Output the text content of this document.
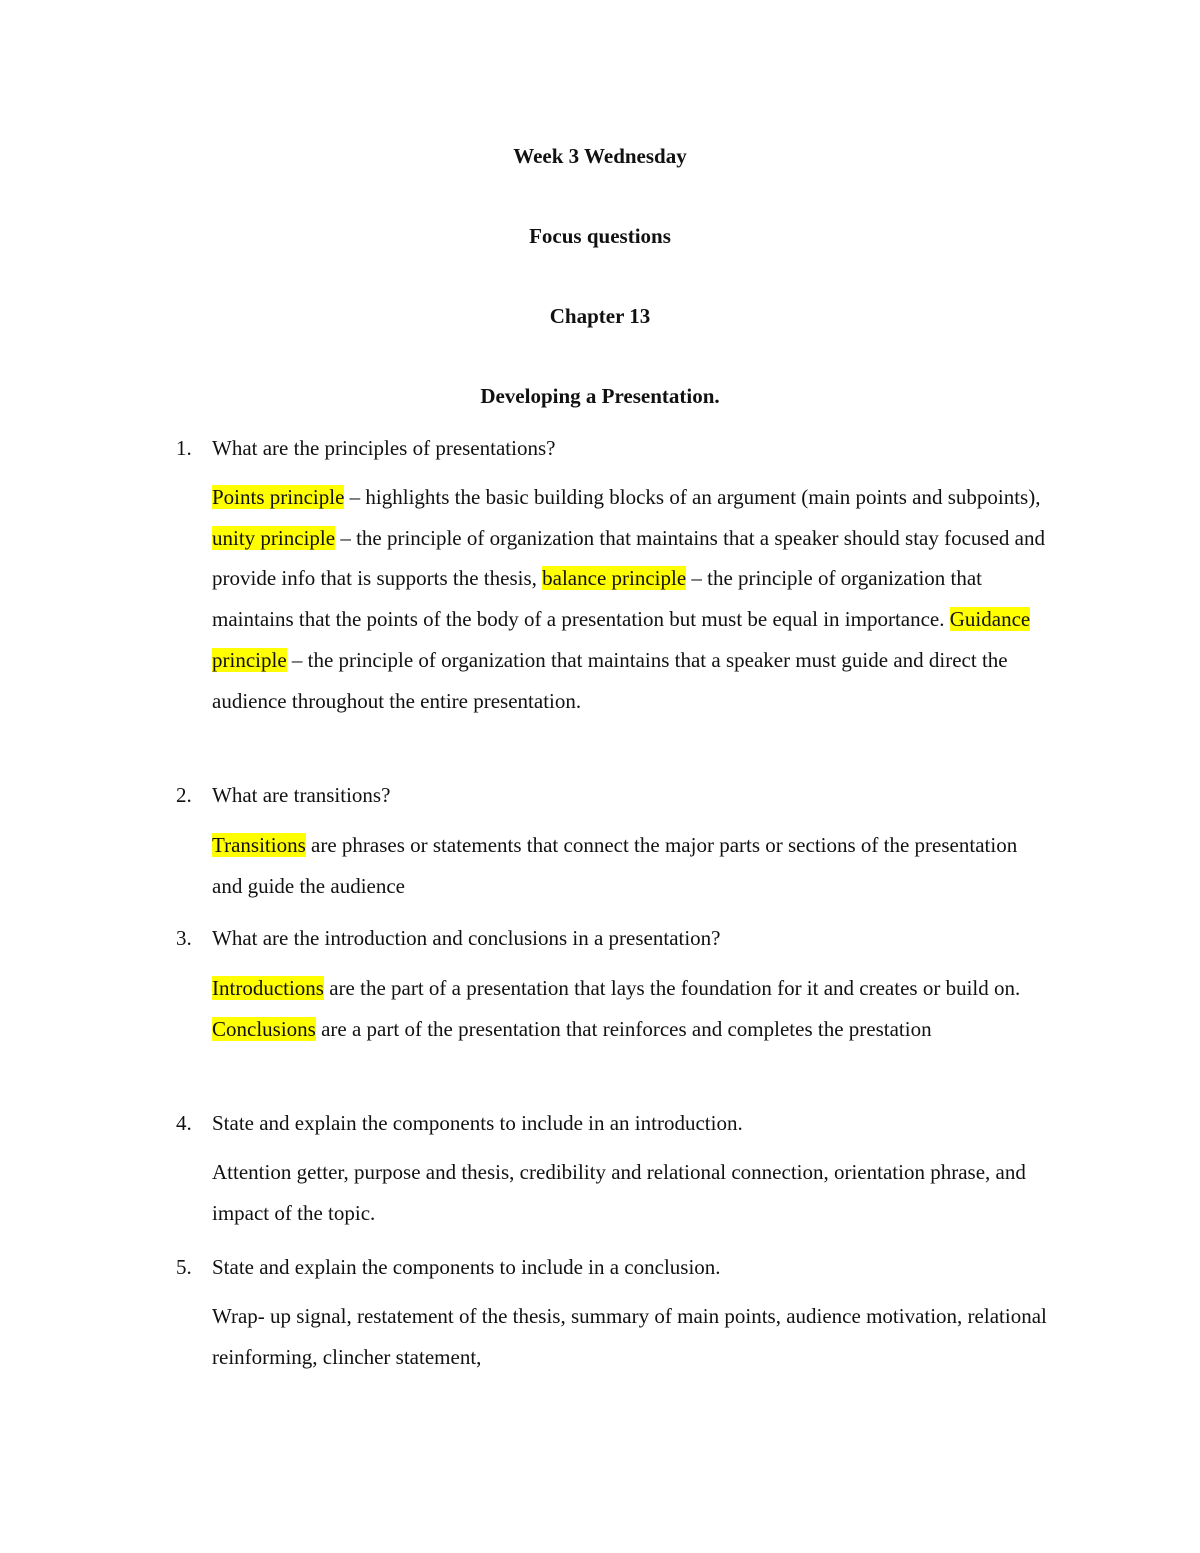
Week 3 Wednesday
Focus questions
Chapter 13
Developing a Presentation.
1. What are the principles of presentations?
Points principle – highlights the basic building blocks of an argument (main points and subpoints), unity principle – the principle of organization that maintains that a speaker should stay focused and provide info that is supports the thesis, balance principle – the principle of organization that maintains that the points of the body of a presentation but must be equal in importance. Guidance principle – the principle of organization that maintains that a speaker must guide and direct the audience throughout the entire presentation.
2. What are transitions?
Transitions are phrases or statements that connect the major parts or sections of the presentation and guide the audience
3. What are the introduction and conclusions in a presentation?
Introductions are the part of a presentation that lays the foundation for it and creates or build on. Conclusions are a part of the presentation that reinforces and completes the prestation
4. State and explain the components to include in an introduction.
Attention getter, purpose and thesis, credibility and relational connection, orientation phrase, and impact of the topic.
5. State and explain the components to include in a conclusion.
Wrap- up signal, restatement of the thesis, summary of main points, audience motivation, relational reinforming, clincher statement,
